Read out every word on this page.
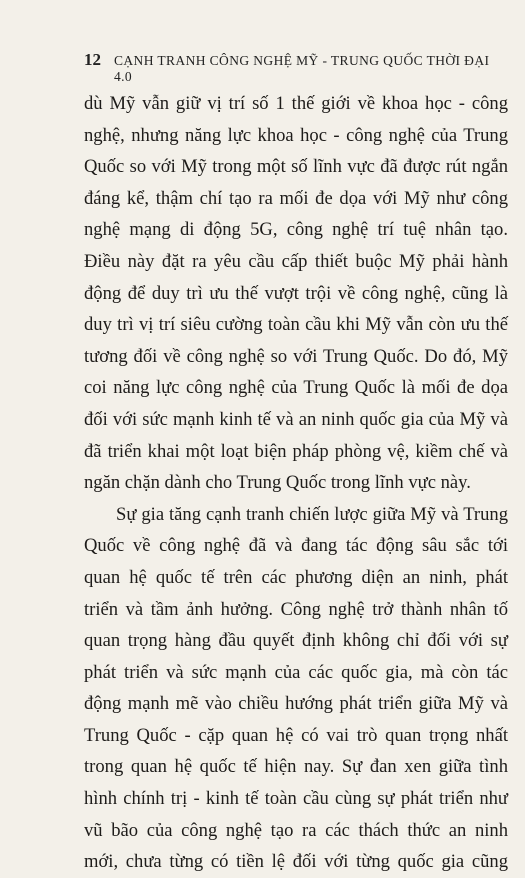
12 CẠNH TRANH CÔNG NGHỆ MỸ - TRUNG QUỐC THỜI ĐẠI 4.0

dù Mỹ vẫn giữ vị trí số 1 thế giới về khoa học - công
nghệ, nhưng năng lực khoa học - công nghệ của Trung
Quốc so với Mỹ trong một số lĩnh vực đã được rút ngắn
đáng kể, thậm chí tạo ra mối đe dọa với Mỹ như công
nghệ mạng di động 5G, công nghệ trí tuệ nhân tạo.
Điều này đặt ra yêu cầu cấp thiết buộc Mỹ phải hành
động để duy trì ưu thế vượt trội về công nghệ, cũng là
duy trì vị trí siêu cường toàn cầu khi Mỹ vẫn còn ưu thế
tương đối về công nghệ so với Trung Quốc. Do đó, Mỹ
coi năng lực công nghệ của Trung Quốc là mối đe dọa
đối với sức mạnh kinh tế và an ninh quốc gia của Mỹ và
đã triển khai một loạt biện pháp phòng vệ, kiềm chế và
ngăn chặn dành cho Trung Quốc trong lĩnh vực này.

Sự gia tăng cạnh tranh chiến lược giữa Mỹ và Trung
Quốc về công nghệ đã và đang tác động sâu sắc tới
quan hệ quốc tế trên các phương diện an ninh, phát
triển và tầm ảnh hưởng. Công nghệ trở thành nhân tố
quan trọng hàng đầu quyết định không chỉ đối với sự
phát triển và sức mạnh của các quốc gia, mà còn tác
động mạnh mẽ vào chiều hướng phát triển giữa Mỹ và
Trung Quốc - cặp quan hệ có vai trò quan trọng nhất
trong quan hệ quốc tế hiện nay. Sự đan xen giữa tình
hình chính trị - kinh tế toàn cầu cùng sự phát triển như
vũ bão của công nghệ tạo ra các thách thức an ninh
mới, chưa từng có tiền lệ đối với từng quốc gia cũng
